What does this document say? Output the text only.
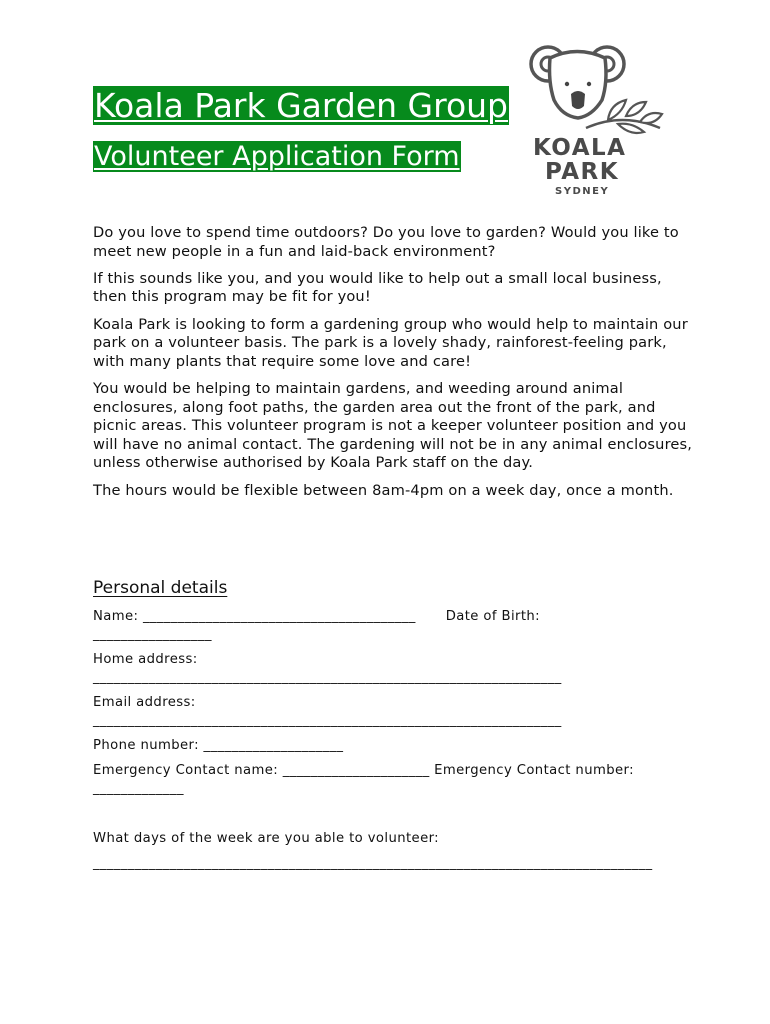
Koala Park Garden Group
Volunteer Application Form	KOALA
PARK
SYDNEY

Do you love to spend time outdoors? Do you love to garden? Would you like to meet new people in a fun and laid-back environment?

If this sounds like you, and you would like to help out a small local business, then this program may be fit for you!

Koala Park is looking to form a gardening group who would help to maintain our park on a volunteer basis. The park is a lovely shady, rainforest-feeling park, with many plants that require some love and care!

You would be helping to maintain gardens, and weeding around animal enclosures, along foot paths, the garden area out the front of the park, and picnic areas. This volunteer program is not a keeper volunteer position and you will have no animal contact. The gardening will not be in any animal enclosures, unless otherwise authorised by Koala Park staff on the day.

The hours would be flexible between 8am-4pm on a week day, once a month.

Personal details
Name: _______________________________________ Date of Birth:
_________________
Home address:
___________________________________________________________________
Email address:
___________________________________________________________________
Phone number: ____________________
Emergency Contact name: _____________________ Emergency Contact number:
_____________
What days of the week are you able to volunteer:
________________________________________________________________________________
